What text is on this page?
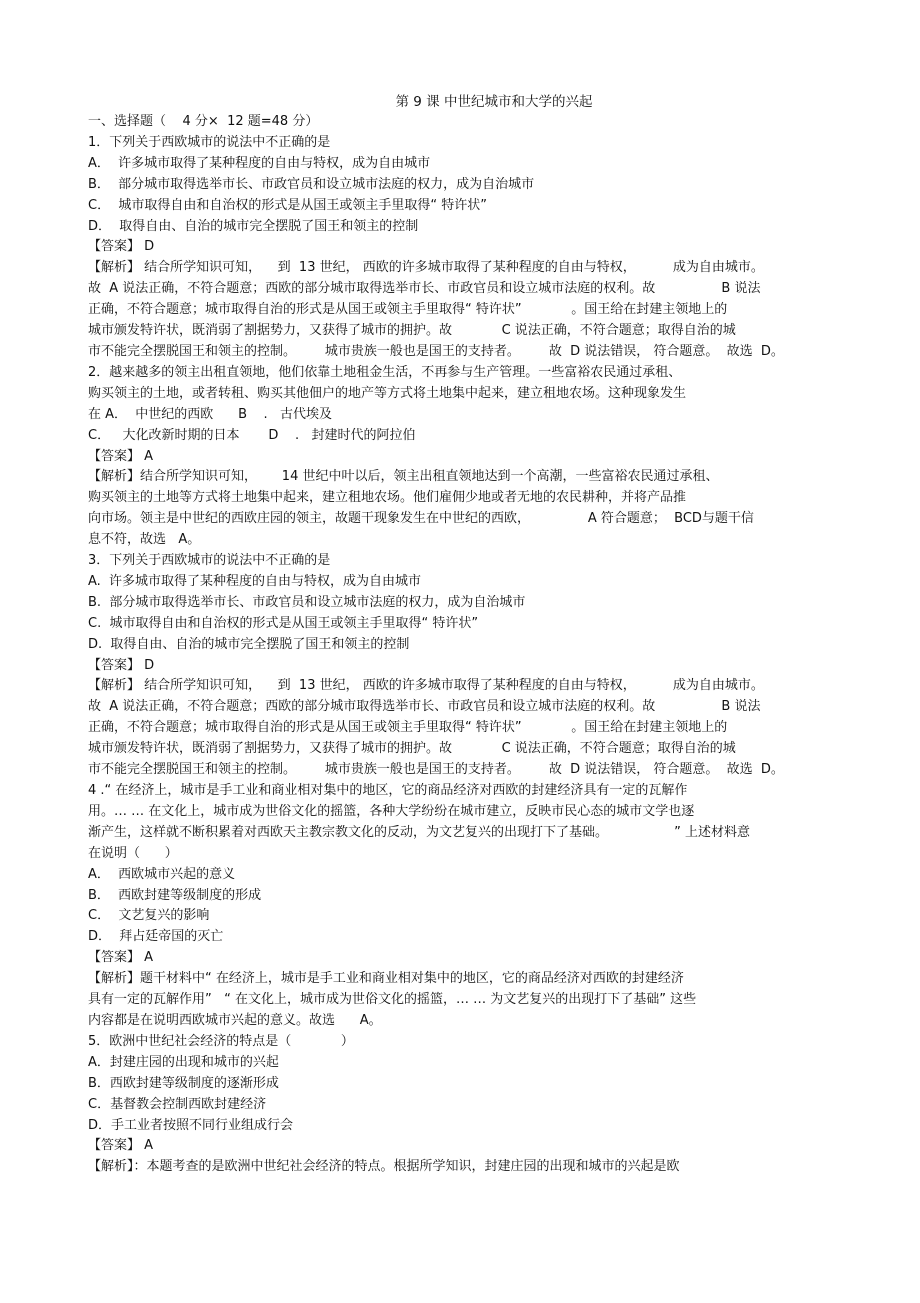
第 9 课 中世纪城市和大学的兴起
一、选择题（    4 分×  12 题=48 分）
1．下列关于西欧城市的说法中不正确的是
A．  许多城市取得了某种程度的自由与特权，成为自由城市
B．  部分城市取得选举市长、市政官员和设立城市法庭的权力，成为自治城市
C．  城市取得自由和自治权的形式是从国王或领主手里取得“ 特许状”
D．  取得自由、自治的城市完全摆脱了国王和领主的控制
【答案】 D
【解析】 结合所学知识可知，    到  13 世纪， 西欧的许多城市取得了某种程度的自由与特权，         成为自由城市。
故  A 说法正确，不符合题意；西欧的部分城市取得选举市长、市政官员和设立城市法庭的权利。故                B 说法
正确，不符合题意；城市取得自治的形式是从国王或领主手里取得“ 特许状”            。国王给在封建主领地上的
城市颁发特许状，既消弱了割据势力，又获得了城市的拥护。故            C 说法正确，不符合题意；取得自治的城
市不能完全摆脱国王和领主的控制。       城市贵族一般也是国王的支持者。       故  D 说法错误， 符合题意。  故选  D。
2．越来越多的领主出租直领地，他们依靠土地租金生活，不再参与生产管理。一些富裕农民通过承租、
购买领主的土地，或者转租、购买其他佃户的地产等方式将土地集中起来，建立租地农场。这种现象发生
在 A．  中世纪的西欧      B    .   古代埃及
C．   大化改新时期的日本       D    .   封建时代的阿拉伯
【答案】 A
【解析】结合所学知识可知，      14 世纪中叶以后，领主出租直领地达到一个高潮，一些富裕农民通过承租、
购买领主的土地等方式将土地集中起来，建立租地农场。他们雇佣少地或者无地的农民耕种，并将产品推
向市场。领主是中世纪的西欧庄园的领主，故题干现象发生在中世纪的西欧，              A 符合题意；  BCD与题干信
息不符，故选   A。
3．下列关于西欧城市的说法中不正确的是
A.  许多城市取得了某种程度的自由与特权，成为自由城市
B.  部分城市取得选举市长、市政官员和设立城市法庭的权力，成为自治城市
C.  城市取得自由和自治权的形式是从国王或领主手里取得“ 特许状”
D.  取得自由、自治的城市完全摆脱了国王和领主的控制
【答案】 D
【解析】 结合所学知识可知，    到  13 世纪， 西欧的许多城市取得了某种程度的自由与特权，         成为自由城市。
故  A 说法正确，不符合题意；西欧的部分城市取得选举市长、市政官员和设立城市法庭的权利。故                B 说法
正确，不符合题意；城市取得自治的形式是从国王或领主手里取得“ 特许状”            。国王给在封建主领地上的
城市颁发特许状，既消弱了割据势力，又获得了城市的拥护。故            C 说法正确，不符合题意；取得自治的城
市不能完全摆脱国王和领主的控制。       城市贵族一般也是国王的支持者。       故  D 说法错误， 符合题意。  故选  D。
4 .“ 在经济上，城市是手工业和商业相对集中的地区，它的商品经济对西欧的封建经济具有一定的瓦解作
用。… … 在文化上，城市成为世俗文化的摇篮，各种大学纷纷在城市建立，反映市民心态的城市文学也逐
渐产生，这样就不断积累着对西欧天主教宗教文化的反动，为文艺复兴的出现打下了基础。                ” 上述材料意
在说明（      ）
A．  西欧城市兴起的意义
B．  西欧封建等级制度的形成
C．  文艺复兴的影响
D．  拜占廷帝国的灭亡
【答案】 A
【解析】题干材料中“ 在经济上，城市是手工业和商业相对集中的地区，它的商品经济对西欧的封建经济
具有一定的瓦解作用”   “ 在文化上，城市成为世俗文化的摇篮，… … 为文艺复兴的出现打下了基础” 这些
内容都是在说明西欧城市兴起的意义。故选      A。
5．欧洲中世纪社会经济的特点是（            ）
A．封建庄园的出现和城市的兴起
B．西欧封建等级制度的逐渐形成
C．基督教会控制西欧封建经济
D．手工业者按照不同行业组成行会
【答案】 A
【解析】：本题考查的是欧洲中世纪社会经济的特点。根据所学知识，封建庄园的出现和城市的兴起是欧
